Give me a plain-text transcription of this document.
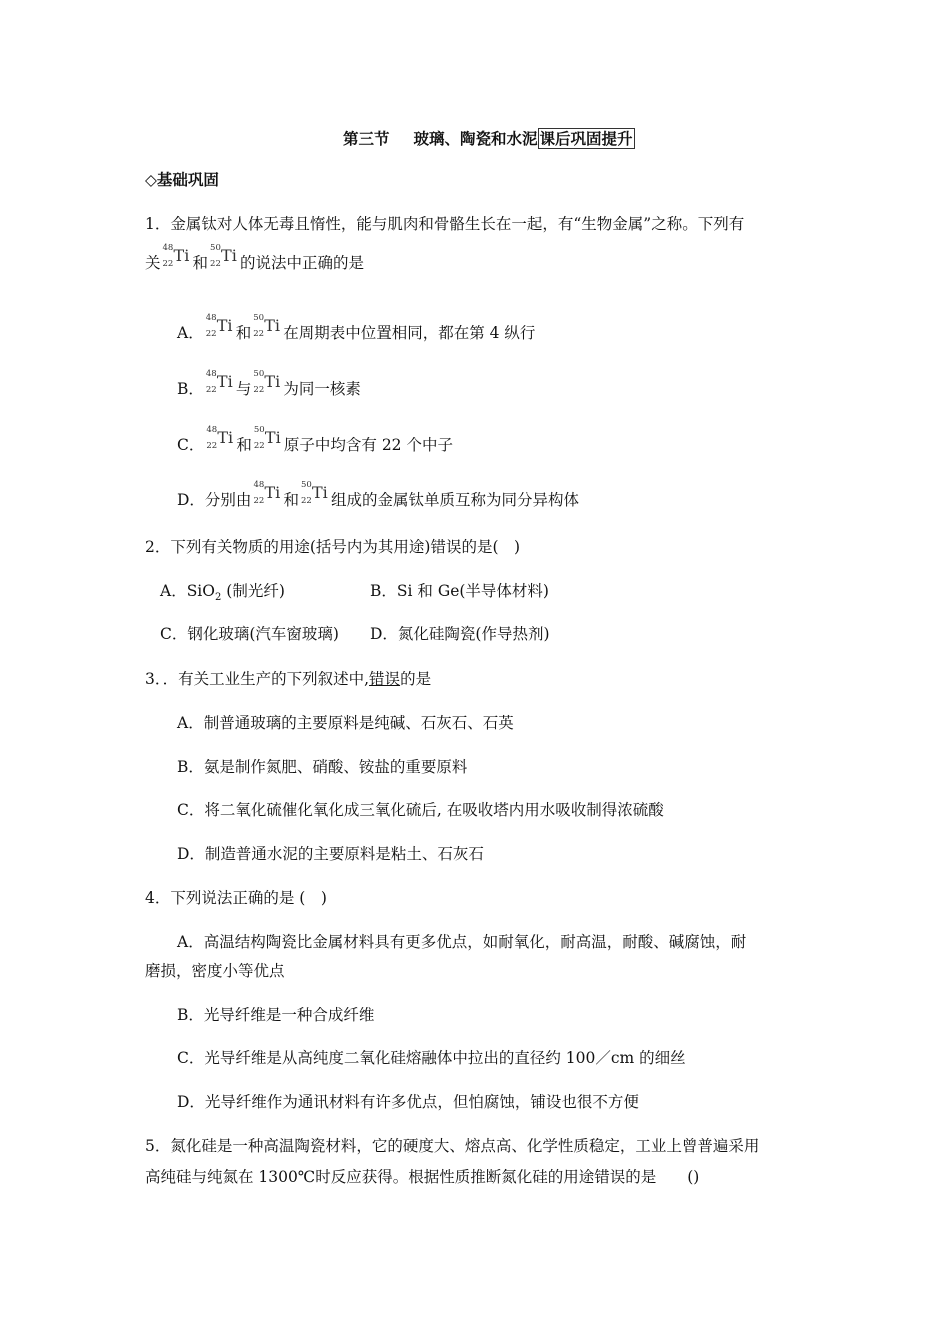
第三节 玻璃、陶瓷和水泥 课后巩固提升
◇基础巩固
1．金属钛对人体无毒且惰性，能与肌肉和骨骼生长在一起，有“生物金属”之称。下列有
关
48
22 Ti 和
50
22 Ti 的说法中正确的是
A．
48
22 Ti 和
50
22 Ti 在周期表中位置相同，都在第 4 纵行
B．
48
22 Ti 与
50
22 Ti 为同一核素
C．
48
22 Ti 和
50
22 Ti 原子中均含有 22 个中子
D．分别由
48
22 Ti 和
50
22 Ti 组成的金属钛单质互称为同分异构体
2．下列有关物质的用途(括号内为其用途)错误的是(　)
A．SiO$_2$ (制光纤)	B．Si 和 Ge(半导体材料)
C．钢化玻璃(汽车窗玻璃) D．氮化硅陶瓷(作导热剂)
3．．有关工业生产的下列叙述中,错误的是
A．制普通玻璃的主要原料是纯碱、石灰石、石英
B．氨是制作氮肥、硝酸、铵盐的重要原料
C．将二氧化硫催化氧化成三氧化硫后, 在吸收塔内用水吸收制得浓硫酸
D．制造普通水泥的主要原料是粘土、石灰石
4．下列说法正确的是 (　)
A．高温结构陶瓷比金属材料具有更多优点，如耐氧化，耐高温，耐酸、碱腐蚀，耐
磨损，密度小等优点
B．光导纤维是一种合成纤维
C．光导纤维是从高纯度二氧化硅熔融体中拉出的直径约 100／cm 的细丝
D．光导纤维作为通讯材料有许多优点，但怕腐蚀，铺设也很不方便
5．氮化硅是一种高温陶瓷材料，它的硬度大、熔点高、化学性质稳定，工业上曾普遍采用
高纯硅与纯氮在 1300℃时反应获得。根据性质推断氮化硅的用途错误的是　　()
